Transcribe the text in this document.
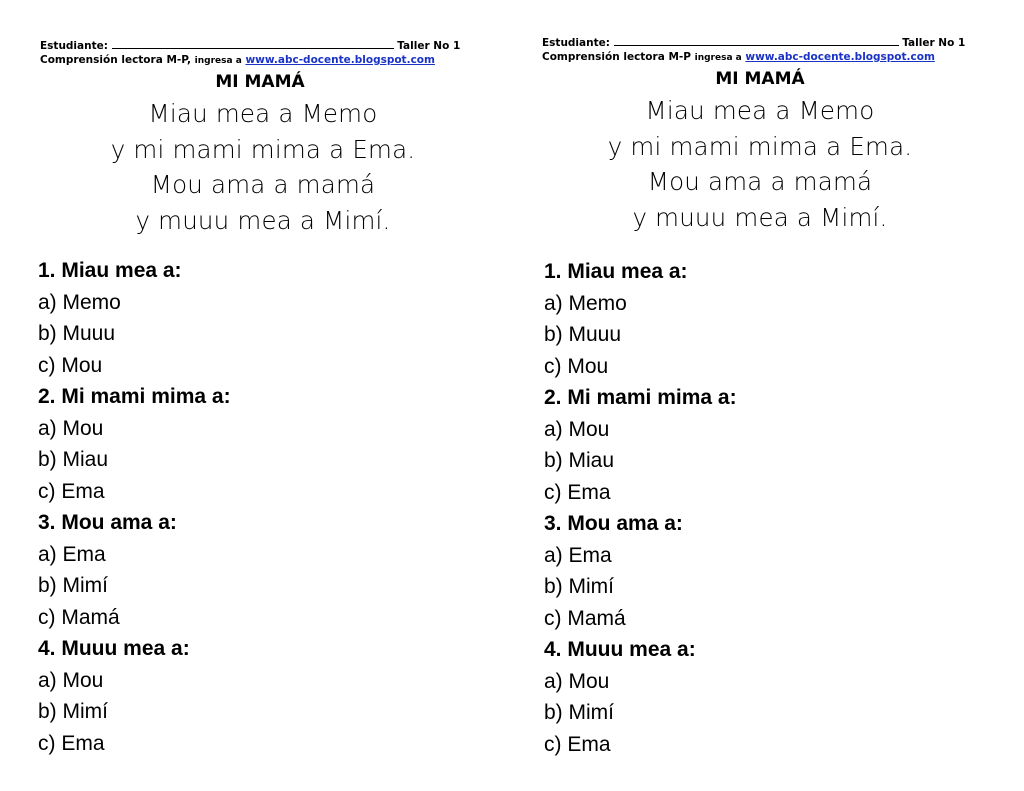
Estudiante:	Taller No 1
Comprensión lectora M-P, ingresa a www.abc-docente.blogspot.com
MI MAMÁ
Miau mea a Memo
y mi mami mima a Ema.
Mou ama a mamá
y muuu mea a Mimí.
1. Miau mea a:
a) Memo
b) Muuu
c) Mou
2. Mi mami mima a:
a) Mou
b) Miau
c) Ema
3. Mou ama a:
a) Ema
b) Mimí
c) Mamá
4. Muuu mea a:
a) Mou
b) Mimí
c) Ema
Estudiante:	Taller No 1
Comprensión lectora M-P ingresa a www.abc-docente.blogspot.com
MI MAMÁ
Miau mea a Memo
y mi mami mima a Ema.
Mou ama a mamá
y muuu mea a Mimí.
1. Miau mea a:
a) Memo
b) Muuu
c) Mou
2. Mi mami mima a:
a) Mou
b) Miau
c) Ema
3. Mou ama a:
a) Ema
b) Mimí
c) Mamá
4. Muuu mea a:
a) Mou
b) Mimí
c) Ema
